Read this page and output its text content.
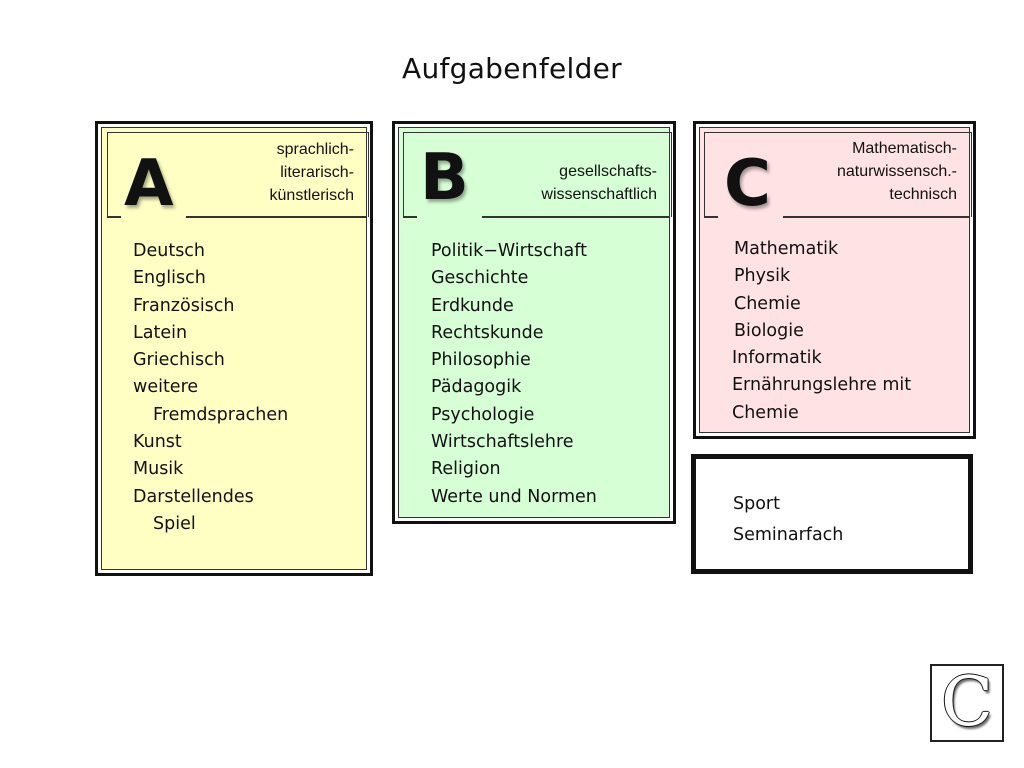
Aufgabenfelder
A	sprachlich-
literarisch-
künstlerisch
Deutsch
Englisch
Französisch
Latein
Griechisch
weitere
Fremdsprachen
Kunst
Musik
Darstellendes
Spiel
B	gesellschafts-
wissenschaftlich
Politik−Wirtschaft
Geschichte
Erdkunde
Rechtskunde
Philosophie
Pädagogik
Psychologie
Wirtschaftslehre
Religion
Werte und Normen
C	Mathematisch-
naturwissensch.-
technisch
Mathematik
Physik
Chemie
Biologie
Informatik
Ernährungslehre mit
Chemie
Sport
Seminarfach
C
